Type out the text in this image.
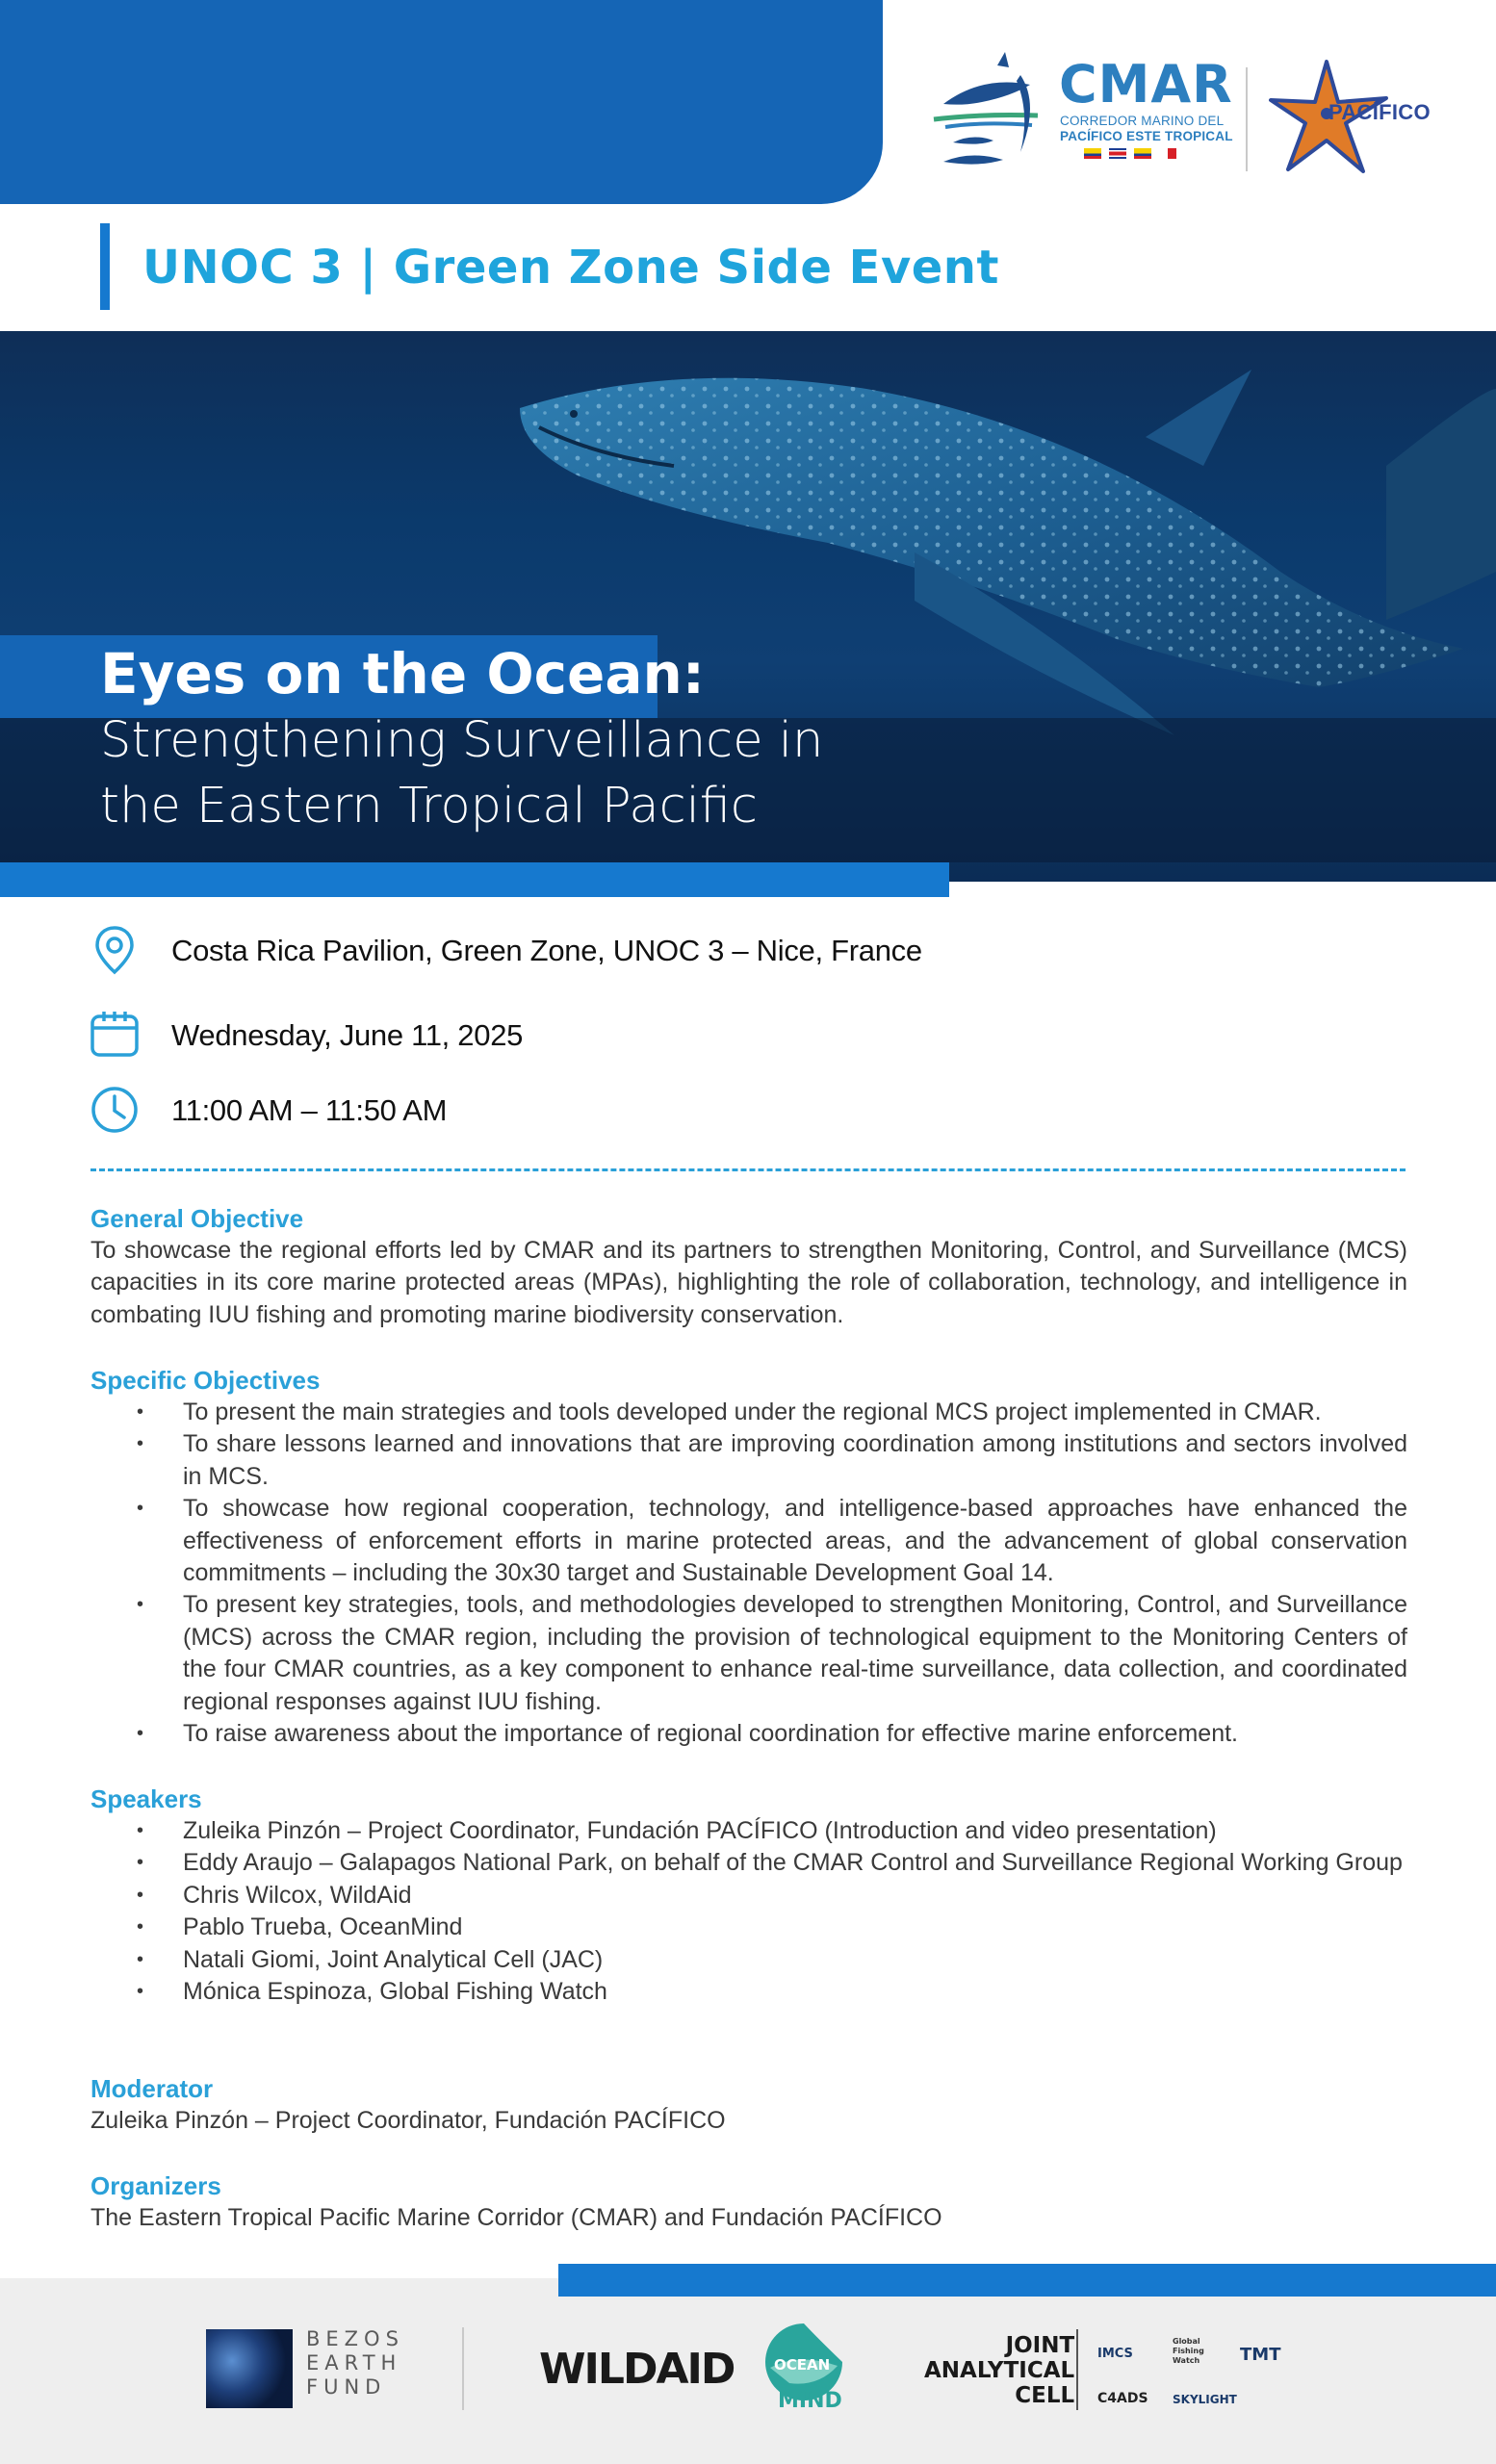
CMAR
CORREDOR MARINO DEL
PACÍFICO ESTE TROPICAL
PACÍFICO
UNOC 3 | Green Zone Side Event
Eyes on the Ocean:
Strengthening Surveillance in
the Eastern Tropical Pacific
Costa Rica Pavilion, Green Zone, UNOC 3 – Nice, France
Wednesday, June 11, 2025
11:00 AM – 11:50 AM
General Objective
To showcase the regional efforts led by CMAR and its partners to strengthen Monitoring, Control, and Surveillance (MCS) capacities in its core marine protected areas (MPAs), highlighting the role of collaboration, technology, and intelligence in combating IUU fishing and promoting marine biodiversity conservation.
Specific Objectives
• To present the main strategies and tools developed under the regional MCS project implemented in CMAR.
• To share lessons learned and innovations that are improving coordination among institutions and sectors involved in MCS.
• To showcase how regional cooperation, technology, and intelligence-based approaches have enhanced the effectiveness of enforcement efforts in marine protected areas, and the advancement of global conservation commitments – including the 30x30 target and Sustainable Development Goal 14.
• To present key strategies, tools, and methodologies developed to strengthen Monitoring, Control, and Surveillance (MCS) across the CMAR region, including the provision of technological equipment to the Monitoring Centers of the four CMAR countries, as a key component to enhance real-time surveillance, data collection, and coordinated regional responses against IUU fishing.
• To raise awareness about the importance of regional coordination for effective marine enforcement.
Speakers
• Zuleika Pinzón – Project Coordinator, Fundación PACÍFICO (Introduction and video presentation)
• Eddy Araujo – Galapagos National Park, on behalf of the CMAR Control and Surveillance Regional Working Group
• Chris Wilcox, WildAid
• Pablo Trueba, OceanMind
• Natali Giomi, Joint Analytical Cell (JAC)
• Mónica Espinoza, Global Fishing Watch
Moderator
Zuleika Pinzón – Project Coordinator, Fundación PACÍFICO
Organizers
The Eastern Tropical Pacific Marine Corridor (CMAR) and Fundación PACÍFICO
BEZOS
EARTH
FUND	WILDAID	OCEAN
MIND
JOINT
ANALYTICAL
CELL
IMCS
Global Fishing Watch	TMT
C4ADS SKYLIGHT
